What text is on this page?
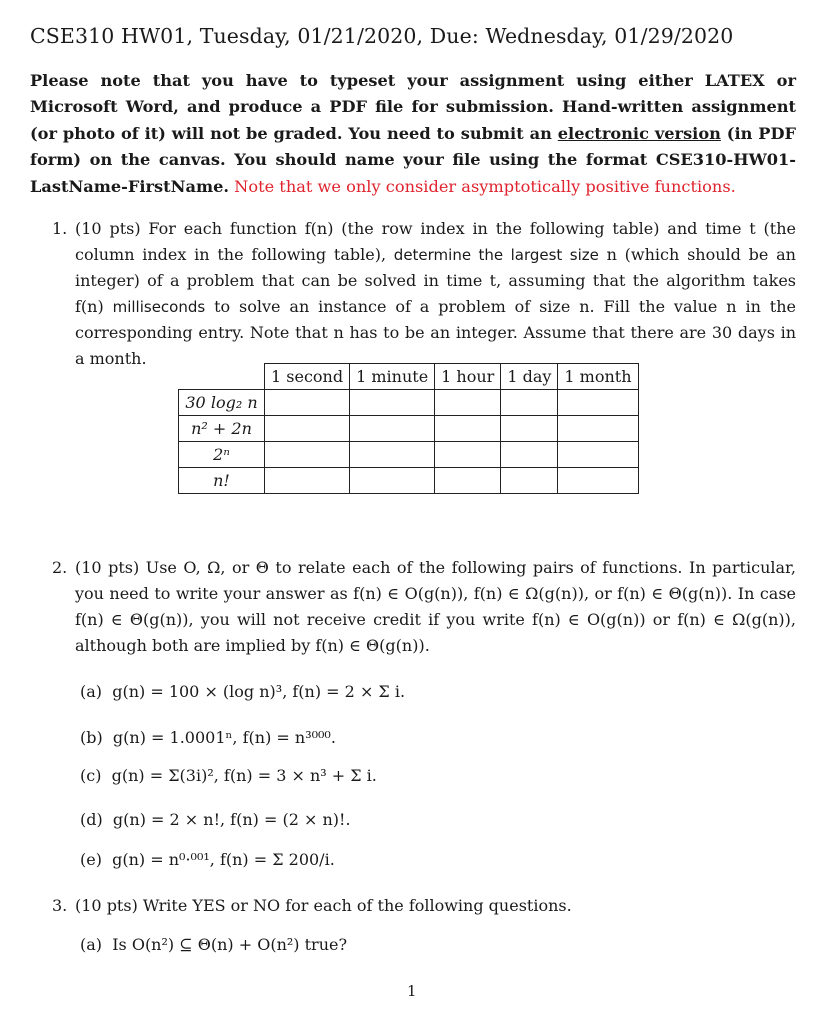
CSE310 HW01, Tuesday, 01/21/2020, Due: Wednesday, 01/29/2020
Please note that you have to typeset your assignment using either LATEX or Microsoft Word, and produce a PDF file for submission. Hand-written assignment (or photo of it) will not be graded. You need to submit an electronic version (in PDF form) on the canvas. You should name your file using the format CSE310-HW01-LastName-FirstName. Note that we only consider asymptotically positive functions.
1. (10 pts) For each function f(n) (the row index in the following table) and time t (the column index in the following table), determine the largest size n (which should be an integer) of a problem that can be solved in time t, assuming that the algorithm takes f(n) milliseconds to solve an instance of a problem of size n. Fill the value n in the corresponding entry. Note that n has to be an integer. Assume that there are 30 days in a month.
	1 second	1 minute	1 hour	1 day	1 month
30 log₂ n					
n² + 2n					
2ⁿ					
n!					
2. (10 pts) Use O, Ω, or Θ to relate each of the following pairs of functions. In particular, you need to write your answer as f(n) ∈ O(g(n)), f(n) ∈ Ω(g(n)), or f(n) ∈ Θ(g(n)). In case f(n) ∈ Θ(g(n)), you will not receive credit if you write f(n) ∈ O(g(n)) or f(n) ∈ Ω(g(n)), although both are implied by f(n) ∈ Θ(g(n)).
(a) g(n) = 100 × (log n)³, f(n) = 2 × Σ i.
(b) g(n) = 1.0001ⁿ, f(n) = n³⁰⁰⁰.
(c) g(n) = Σ(3i)², f(n) = 3 × n³ + Σ i.
(d) g(n) = 2 × n!, f(n) = (2 × n)!.
(e) g(n) = n⁰·⁰⁰¹, f(n) = Σ 200/i.
3. (10 pts) Write YES or NO for each of the following questions.
(a) Is O(n²) ⊆ Θ(n) + O(n²) true?
1
